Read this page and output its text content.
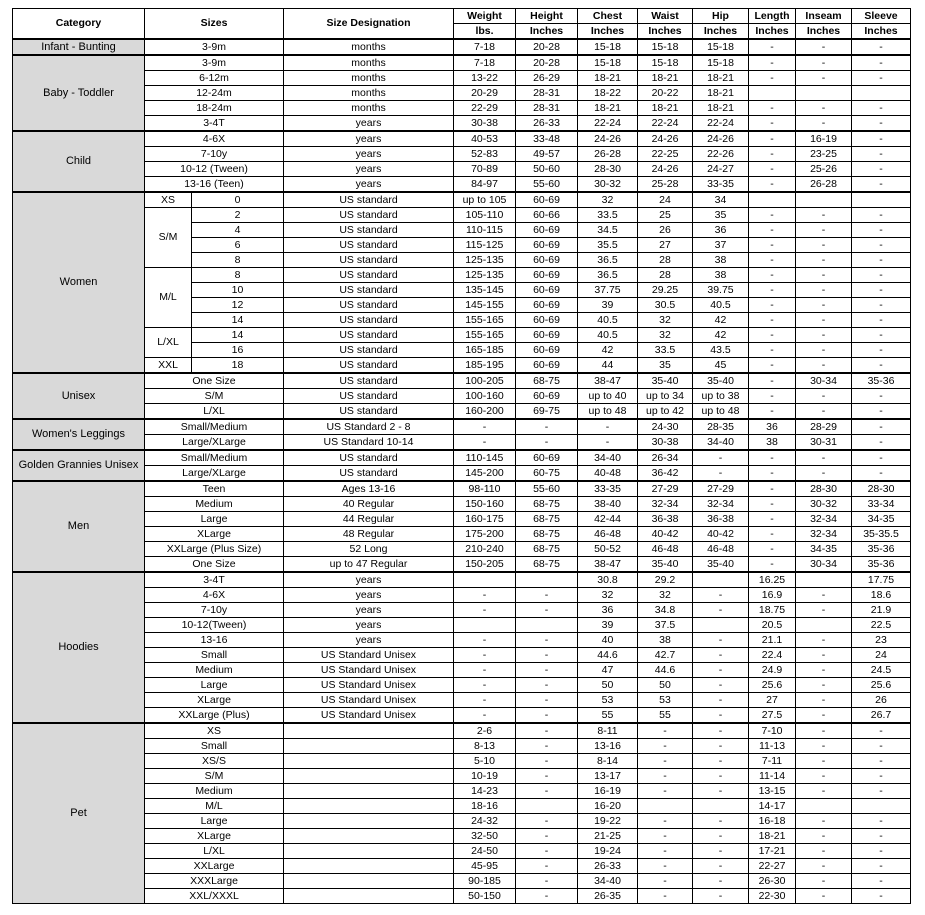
Category	Sizes		Size Designation	Weight	Height	Chest	Waist	Hip	Length	Inseam	Sleeve
				lbs.	Inches	Inches	Inches	Inches	Inches	Inches	Inches
Infant - Bunting	3-9m		months	7-18	20-28	15-18	15-18	15-18	-	-	-
Baby - Toddler	3-9m		months	7-18	20-28	15-18	15-18	15-18	-	-	-
	6-12m		months	13-22	26-29	18-21	18-21	18-21	-	-	-
	12-24m		months	20-29	28-31	18-22	20-22	18-21			
	18-24m		months	22-29	28-31	18-21	18-21	18-21	-	-	-
	3-4T		years	30-38	26-33	22-24	22-24	22-24	-	-	-
Child	4-6X		years	40-53	33-48	24-26	24-26	24-26	-	16-19	-
	7-10y		years	52-83	49-57	26-28	22-25	22-26	-	23-25	-
	10-12 (Tween)		years	70-89	50-60	28-30	24-26	24-27	-	25-26	-
	13-16 (Teen)		years	84-97	55-60	30-32	25-28	33-35	-	26-28	-
Women	XS	0	US standard	up to 105	60-69	32	24	34			
	S/M	2	US standard	105-110	60-66	33.5	25	35	-	-	-
		4	US standard	110-115	60-69	34.5	26	36	-	-	-
		6	US standard	115-125	60-69	35.5	27	37	-	-	-
		8	US standard	125-135	60-69	36.5	28	38	-	-	-
	M/L	8	US standard	125-135	60-69	36.5	28	38	-	-	-
		10	US standard	135-145	60-69	37.75	29.25	39.75	-	-	-
		12	US standard	145-155	60-69	39	30.5	40.5	-	-	-
		14	US standard	155-165	60-69	40.5	32	42	-	-	-
	L/XL	14	US standard	155-165	60-69	40.5	32	42	-	-	-
		16	US standard	165-185	60-69	42	33.5	43.5	-	-	-
	XXL	18	US standard	185-195	60-69	44	35	45	-	-	-
Unisex	One Size		US standard	100-205	68-75	38-47	35-40	35-40	-	30-34	35-36
	S/M		US standard	100-160	60-69	up to 40	up to 34	up to 38	-	-	-
	L/XL		US standard	160-200	69-75	up to 48	up to 42	up to 48	-	-	-
Women's Leggings	Small/Medium		US Standard 2 - 8	-	-	-	24-30	28-35	36	28-29	-
	Large/XLarge		US Standard 10-14	-	-	-	30-38	34-40	38	30-31	-
Golden Grannies Unisex	Small/Medium		US standard	110-145	60-69	34-40	26-34	-	-	-	-
	Large/XLarge		US standard	145-200	60-75	40-48	36-42	-	-	-	-
Men	Teen		Ages 13-16	98-110	55-60	33-35	27-29	27-29	-	28-30	28-30
	Medium		40 Regular	150-160	68-75	38-40	32-34	32-34	-	30-32	33-34
	Large		44 Regular	160-175	68-75	42-44	36-38	36-38	-	32-34	34-35
	XLarge		48 Regular	175-200	68-75	46-48	40-42	40-42	-	32-34	35-35.5
	XXLarge (Plus Size)		52 Long	210-240	68-75	50-52	46-48	46-48	-	34-35	35-36
	One Size		up to 47 Regular	150-205	68-75	38-47	35-40	35-40	-	30-34	35-36
Hoodies	3-4T		years			30.8	29.2		16.25		17.75
	4-6X		years	-	-	32	32	-	16.9	-	18.6
	7-10y		years	-	-	36	34.8	-	18.75	-	21.9
	10-12(Tween)		years			39	37.5		20.5		22.5
	13-16		years	-	-	40	38	-	21.1	-	23
	Small		US Standard Unisex	-	-	44.6	42.7	-	22.4	-	24
	Medium		US Standard Unisex	-	-	47	44.6	-	24.9	-	24.5
	Large		US Standard Unisex	-	-	50	50	-	25.6	-	25.6
	XLarge		US Standard Unisex	-	-	53	53	-	27	-	26
	XXLarge (Plus)		US Standard Unisex	-	-	55	55	-	27.5	-	26.7
Pet	XS			2-6	-	8-11	-	-	7-10	-	-
	Small			8-13	-	13-16	-	-	11-13	-	-
	XS/S			5-10	-	8-14	-	-	7-11	-	-
	S/M			10-19	-	13-17	-	-	11-14	-	-
	Medium			14-23	-	16-19	-	-	13-15	-	-
	M/L			18-16		16-20			14-17		
	Large			24-32	-	19-22	-	-	16-18	-	-
	XLarge			32-50	-	21-25	-	-	18-21	-	-
	L/XL			24-50	-	19-24	-	-	17-21	-	-
	XXLarge			45-95	-	26-33	-	-	22-27	-	-
	XXXLarge			90-185	-	34-40	-	-	26-30	-	-
	XXL/XXXL			50-150	-	26-35	-	-	22-30	-	-
